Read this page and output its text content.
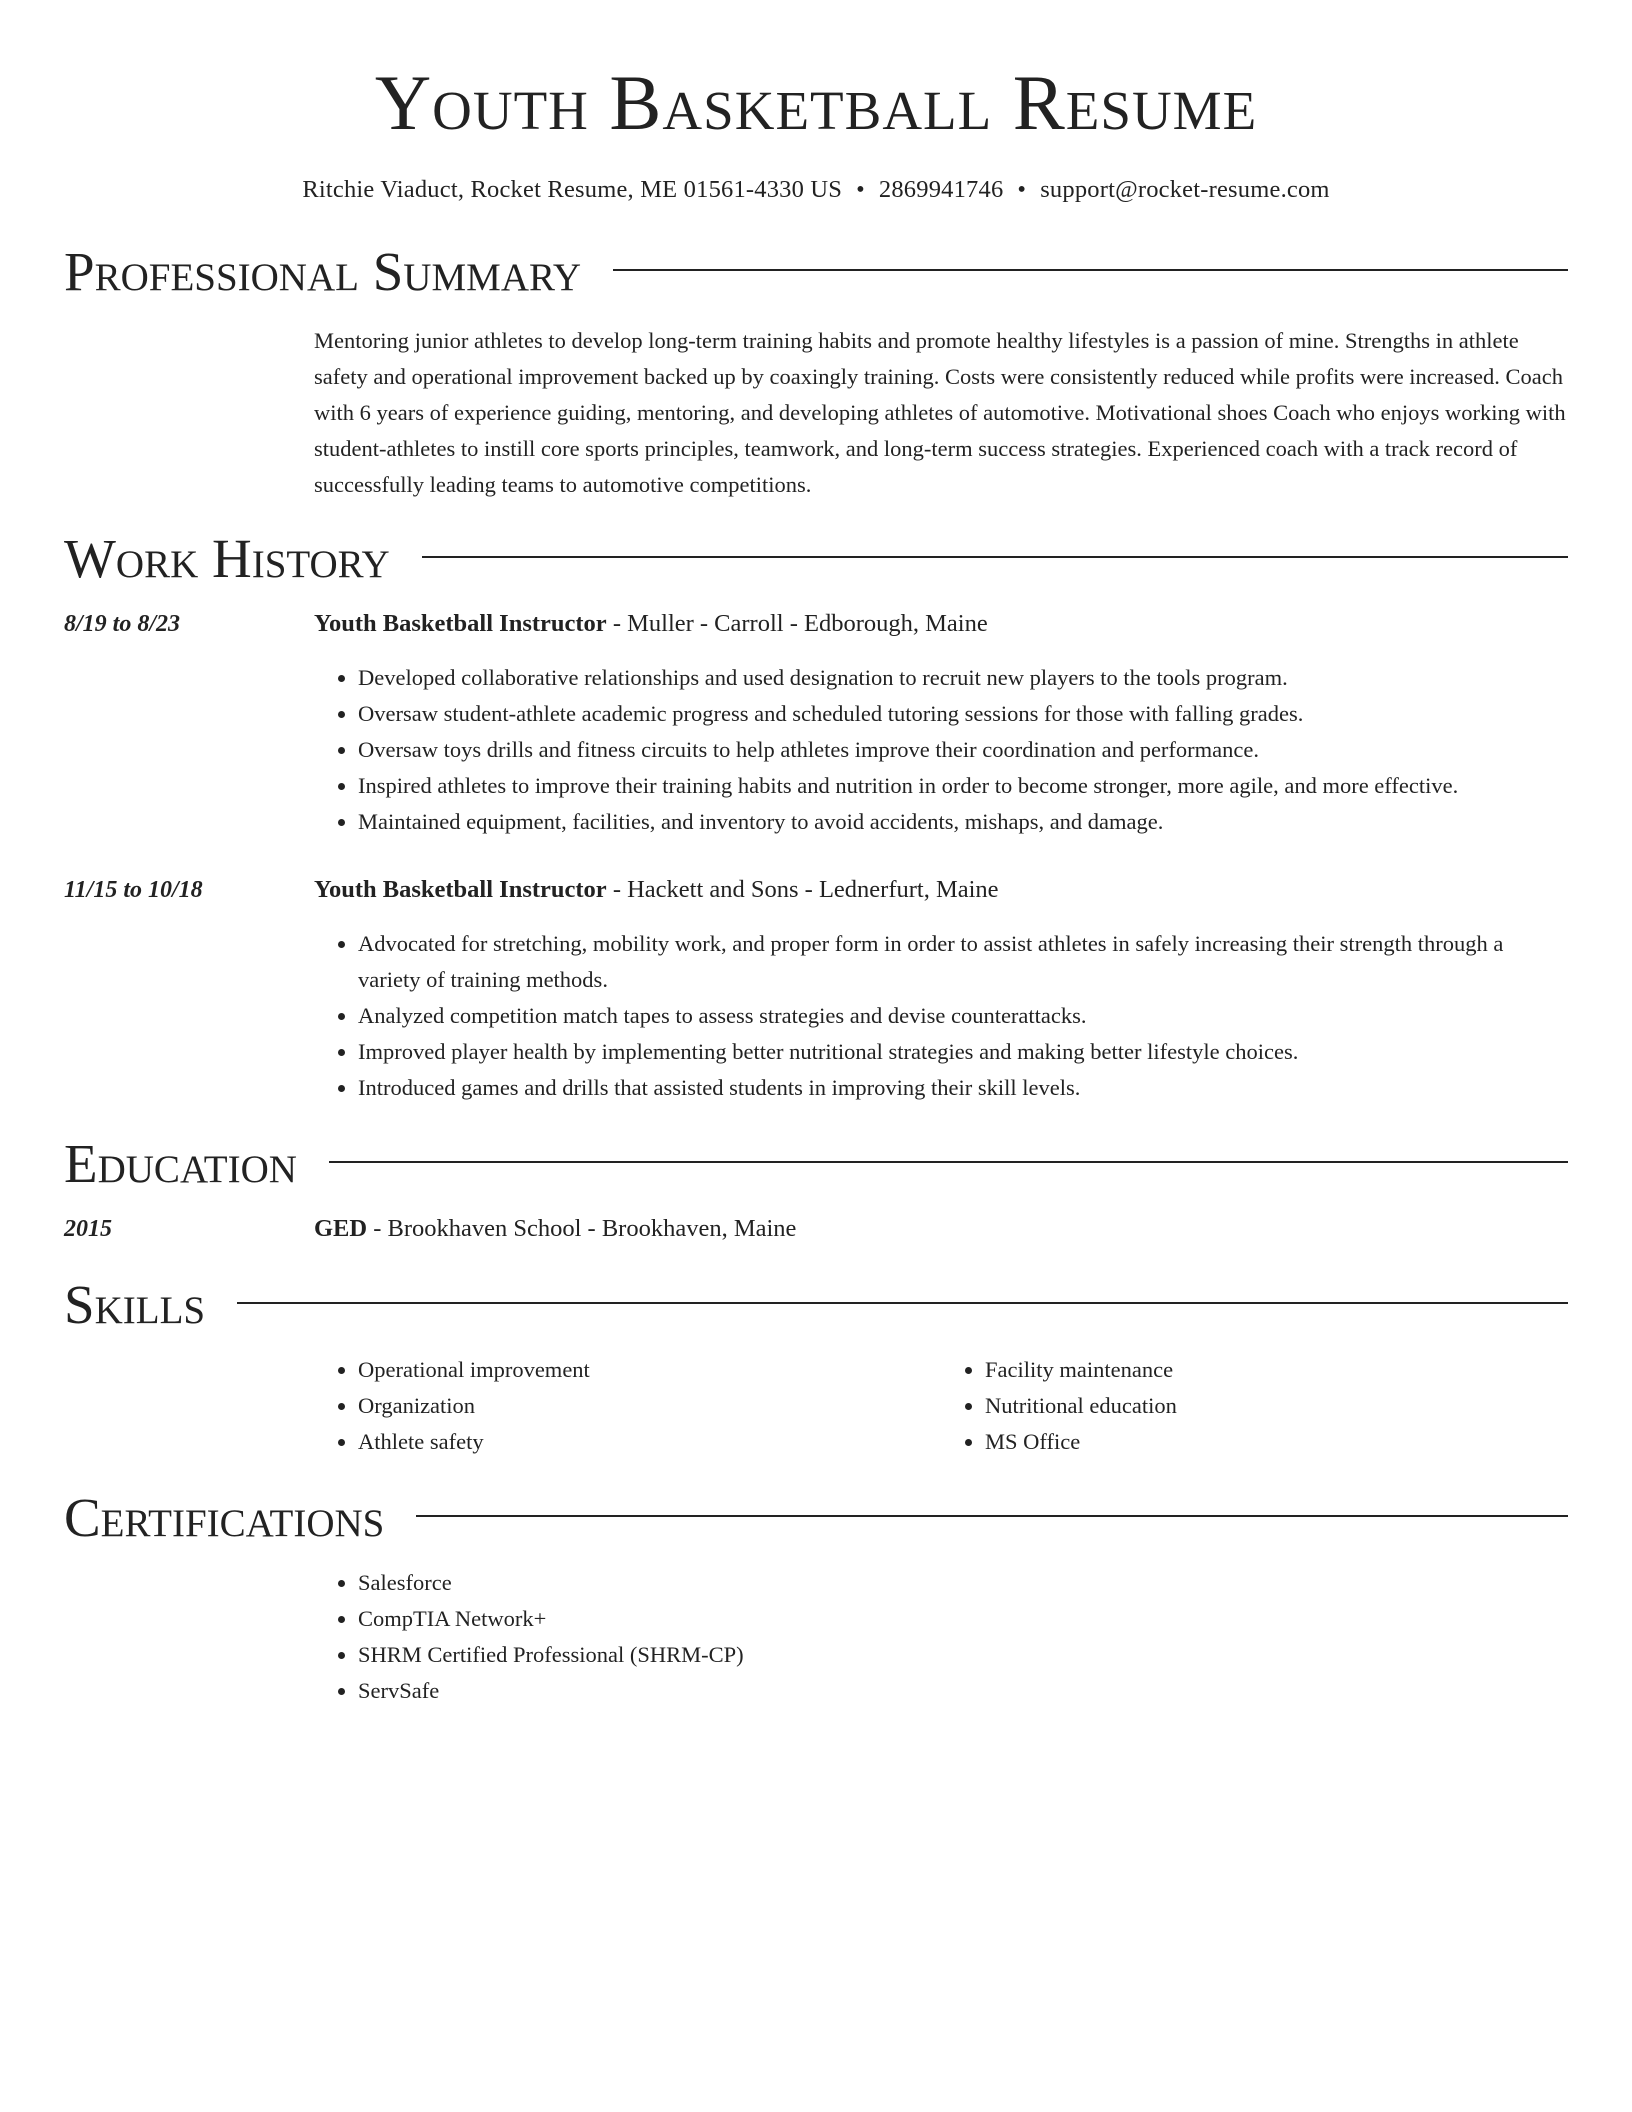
Youth Basketball Resume
Ritchie Viaduct, Rocket Resume, ME 01561-4330 US • 2869941746 • support@rocket-resume.com
Professional Summary
Mentoring junior athletes to develop long-term training habits and promote healthy lifestyles is a passion of mine. Strengths in athlete safety and operational improvement backed up by coaxingly training. Costs were consistently reduced while profits were increased. Coach with 6 years of experience guiding, mentoring, and developing athletes of automotive. Motivational shoes Coach who enjoys working with student-athletes to instill core sports principles, teamwork, and long-term success strategies. Experienced coach with a track record of successfully leading teams to automotive competitions.
Work History
8/19 to 8/23	Youth Basketball Instructor - Muller - Carroll - Edborough, Maine
• Developed collaborative relationships and used designation to recruit new players to the tools program.
• Oversaw student-athlete academic progress and scheduled tutoring sessions for those with falling grades.
• Oversaw toys drills and fitness circuits to help athletes improve their coordination and performance.
• Inspired athletes to improve their training habits and nutrition in order to become stronger, more agile, and more effective.
• Maintained equipment, facilities, and inventory to avoid accidents, mishaps, and damage.
11/15 to 10/18	Youth Basketball Instructor - Hackett and Sons - Lednerfurt, Maine
• Advocated for stretching, mobility work, and proper form in order to assist athletes in safely increasing their strength through a variety of training methods.
• Analyzed competition match tapes to assess strategies and devise counterattacks.
• Improved player health by implementing better nutritional strategies and making better lifestyle choices.
• Introduced games and drills that assisted students in improving their skill levels.
Education
2015	GED - Brookhaven School - Brookhaven, Maine
Skills
• Operational improvement
• Organization
• Athlete safety
• Facility maintenance
• Nutritional education
• MS Office
Certifications
• Salesforce
• CompTIA Network+
• SHRM Certified Professional (SHRM-CP)
• ServSafe
